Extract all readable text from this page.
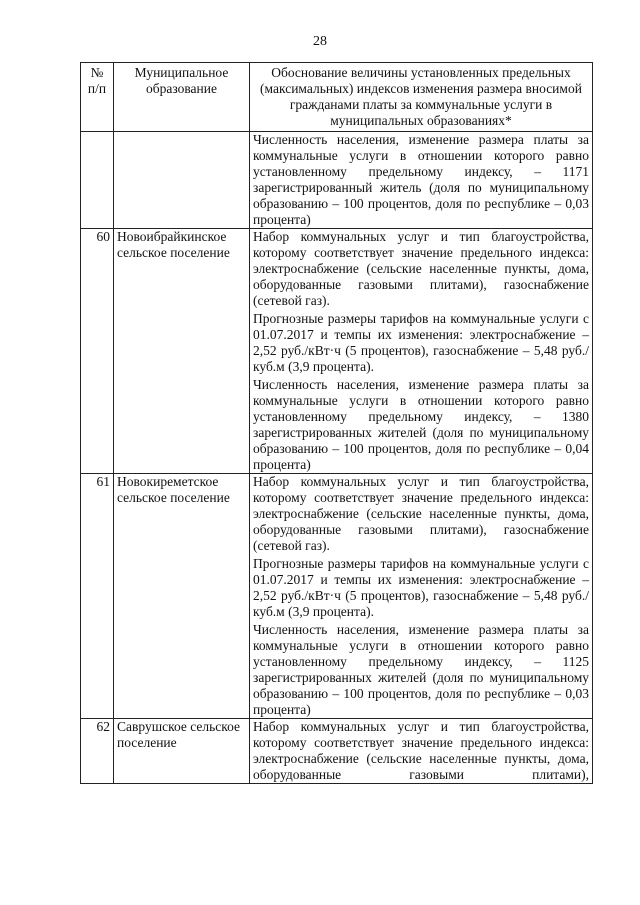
28
№ п/п	Муниципальное образование	Обоснование величины установленных предельных (максимальных) индексов изменения размера вносимой гражданами платы за коммунальные услуги в муниципальных образованиях*

		Численность населения, изменение размера платы за коммунальные услуги в отношении которого равно установленному предельному индексу, – 1171 зарегистрированный житель (доля по муниципальному образованию – 100 процентов, доля по республике – 0,03 процента)

60	Новоибрайкинское сельское поселение	Набор коммунальных услуг и тип благоустройства, которому соответствует значение предельного индекса: электроснабжение (сельские населенные пункты, дома, оборудованные газовыми плитами), газоснабжение (сетевой газ).
Прогнозные размеры тарифов на коммунальные услуги с 01.07.2017 и темпы их изменения: электроснабжение – 2,52 руб./кВт·ч (5 процентов), газоснабжение – 5,48 руб./куб.м (3,9 процента).
Численность населения, изменение размера платы за коммунальные услуги в отношении которого равно установленному предельному индексу, – 1380 зарегистрированных жителей (доля по муниципальному образованию – 100 процентов, доля по республике – 0,04 процента)

61	Новокиреметское сельское поселение	Набор коммунальных услуг и тип благоустройства, которому соответствует значение предельного индекса: электроснабжение (сельские населенные пункты, дома, оборудованные газовыми плитами), газоснабжение (сетевой газ).
Прогнозные размеры тарифов на коммунальные услуги с 01.07.2017 и темпы их изменения: электроснабжение – 2,52 руб./кВт·ч (5 процентов), газоснабжение – 5,48 руб./куб.м (3,9 процента).
Численность населения, изменение размера платы за коммунальные услуги в отношении которого равно установленному предельному индексу, – 1125 зарегистрированных жителей (доля по муниципальному образованию – 100 процентов, доля по республике – 0,03 процента)

62	Саврушское сельское поселение	Набор коммунальных услуг и тип благоустройства, которому соответствует значение предельного индекса: электроснабжение (сельские населенные пункты, дома, оборудованные газовыми плитами),
